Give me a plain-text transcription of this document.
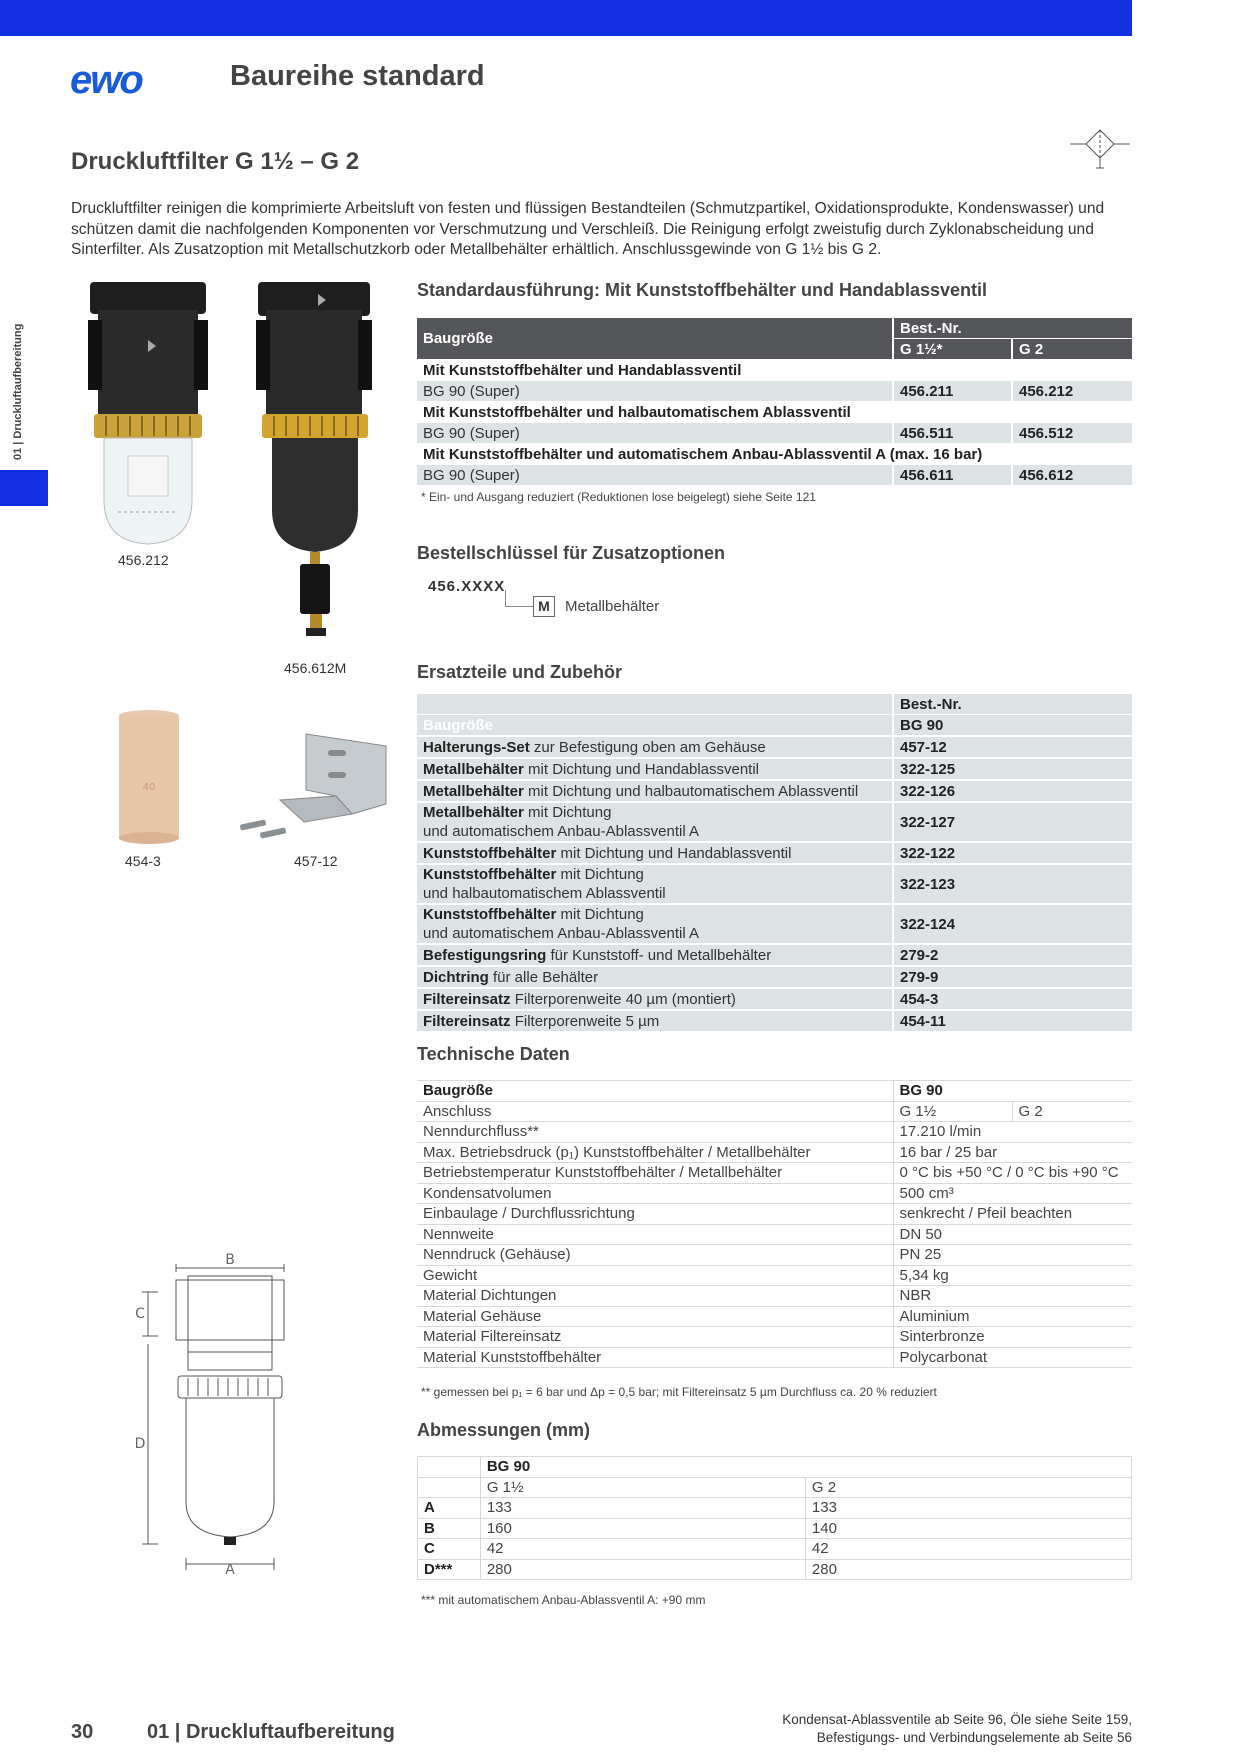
ewo	Baureihe standard
Druckluftfilter G 1½ – G 2
Druckluftfilter reinigen die komprimierte Arbeitsluft von festen und flüssigen Bestandteilen (Schmutzpartikel, Oxidationsprodukte, Kondenswasser) und schützen damit die nachfolgenden Komponenten vor Verschmutzung und Verschleiß. Die Reinigung erfolgt zweistufig durch Zyklonabscheidung und Sinterfilter. Als Zusatzoption mit Metallschutzkorb oder Metallbehälter erhältlich. Anschlussgewinde von G 1½ bis G 2.
01 | Druckluftaufbereitung
456.212
456.612M
40
454-3	457-12
B
C
D
A
Standardausführung: Mit Kunststoffbehälter und Handablassventil
Baugröße	Best.-Nr.	
	G 1½*	G 2
Mit Kunststoffbehälter und Handablassventil		
BG 90 (Super)	456.211	456.212
Mit Kunststoffbehälter und halbautomatischem Ablassventil		
BG 90 (Super)	456.511	456.512
Mit Kunststoffbehälter und automatischem Anbau-Ablassventil A (max. 16 bar)		
BG 90 (Super)	456.611	456.612
* Ein- und Ausgang reduziert (Reduktionen lose beigelegt) siehe Seite 121
Bestellschlüssel für Zusatzoptionen
456.XXXX
M	Metallbehälter
Ersatzteile und Zubehör
	Best.-Nr.
Baugröße	BG 90
Halterungs-Set zur Befestigung oben am Gehäuse	457-12
Metallbehälter mit Dichtung und Handablassventil	322-125
Metallbehälter mit Dichtung und halbautomatischem Ablassventil	322-126
Metallbehälter mit Dichtung
und automatischem Anbau-Ablassventil A	322-127
Kunststoffbehälter mit Dichtung und Handablassventil	322-122
Kunststoffbehälter mit Dichtung
und halbautomatischem Ablassventil	322-123
Kunststoffbehälter mit Dichtung
und automatischem Anbau-Ablassventil A	322-124
Befestigungsring für Kunststoff- und Metallbehälter	279-2
Dichtring für alle Behälter	279-9
Filtereinsatz Filterporenweite 40 µm (montiert)	454-3
Filtereinsatz Filterporenweite 5 µm	454-11
Technische Daten
Baugröße	BG 90	
Anschluss	G 1½	G 2
Nenndurchfluss**	17.210 l/min	
Max. Betriebsdruck (p₁) Kunststoffbehälter / Metallbehälter	16 bar / 25 bar	
Betriebstemperatur Kunststoffbehälter / Metallbehälter	0 °C bis +50 °C / 0 °C bis +90 °C	
Kondensatvolumen	500 cm³	
Einbaulage / Durchflussrichtung	senkrecht / Pfeil beachten	
Nennweite	DN 50	
Nenndruck (Gehäuse)	PN 25	
Gewicht	5,34 kg	
Material Dichtungen	NBR	
Material Gehäuse	Aluminium	
Material Filtereinsatz	Sinterbronze	
Material Kunststoffbehälter	Polycarbonat	
** gemessen bei p₁ = 6 bar und Δp = 0,5 bar; mit Filtereinsatz 5 µm Durchfluss ca. 20 % reduziert
Abmessungen (mm)
	BG 90	
	G 1½	G 2
A	133	133
B	160	140
C	42	42
D***	280	280
*** mit automatischem Anbau-Ablassventil A: +90 mm
30	01 | Druckluftaufbereitung
Kondensat-Ablassventile ab Seite 96, Öle siehe Seite 159,
Befestigungs- und Verbindungselemente ab Seite 56
